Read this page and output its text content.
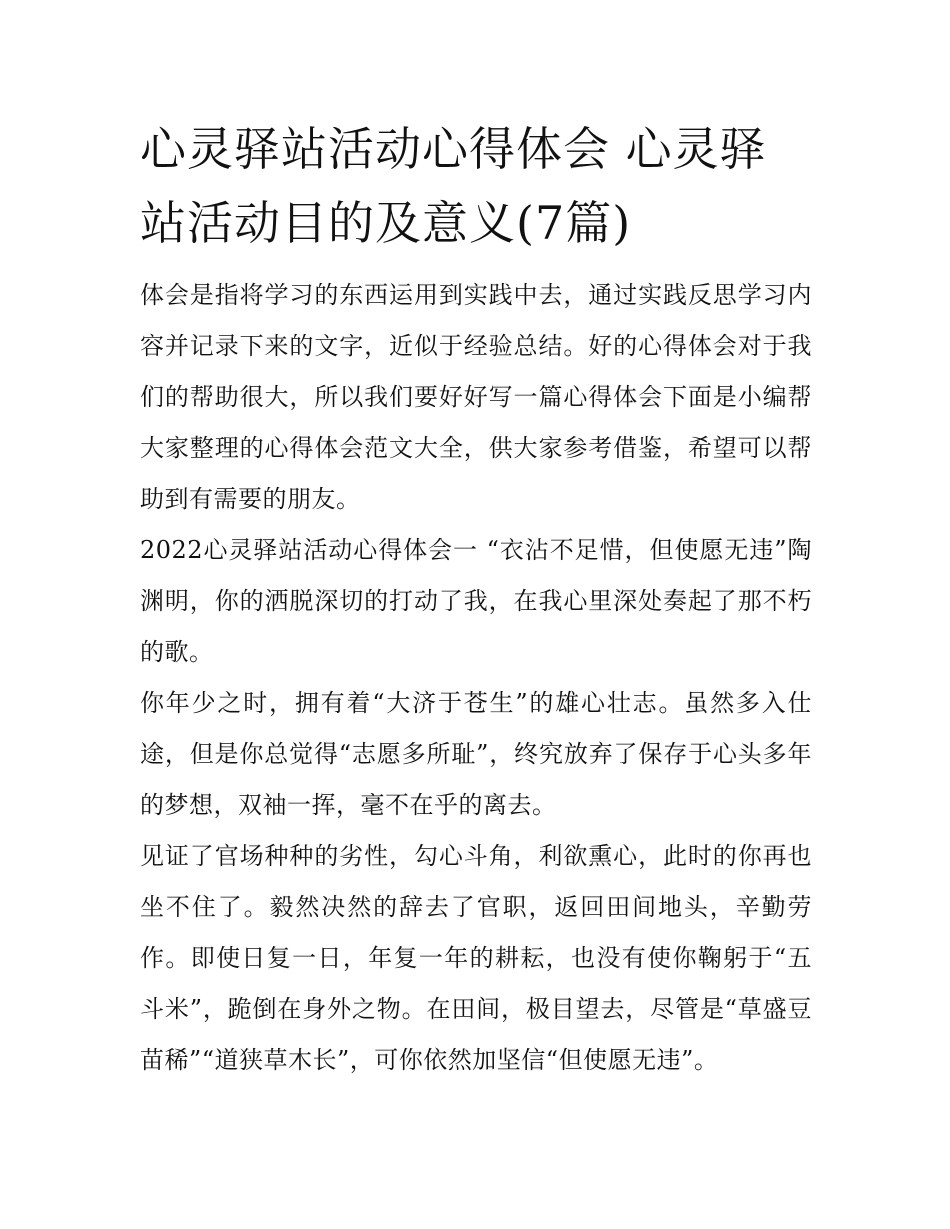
心灵驿站活动心得体会 心灵驿站活动目的及意义(7篇)

体会是指将学习的东西运用到实践中去，通过实践反思学习内容并记录下来的文字，近似于经验总结。好的心得体会对于我们的帮助很大，所以我们要好好写一篇心得体会下面是小编帮大家整理的心得体会范文大全，供大家参考借鉴，希望可以帮助到有需要的朋友。

2022心灵驿站活动心得体会一 “衣沾不足惜，但使愿无违”陶渊明，你的洒脱深切的打动了我，在我心里深处奏起了那不朽的歌。

你年少之时，拥有着“大济于苍生”的雄心壮志。虽然多入仕途，但是你总觉得“志愿多所耻”，终究放弃了保存于心头多年的梦想，双袖一挥，毫不在乎的离去。

见证了官场种种的劣性，勾心斗角，利欲熏心，此时的你再也坐不住了。毅然决然的辞去了官职，返回田间地头，辛勤劳作。即使日复一日，年复一年的耕耘，也没有使你鞠躬于“五斗米”，跪倒在身外之物。在田间，极目望去，尽管是“草盛豆苗稀”“道狭草木长”，可你依然加坚信“但使愿无违”。
